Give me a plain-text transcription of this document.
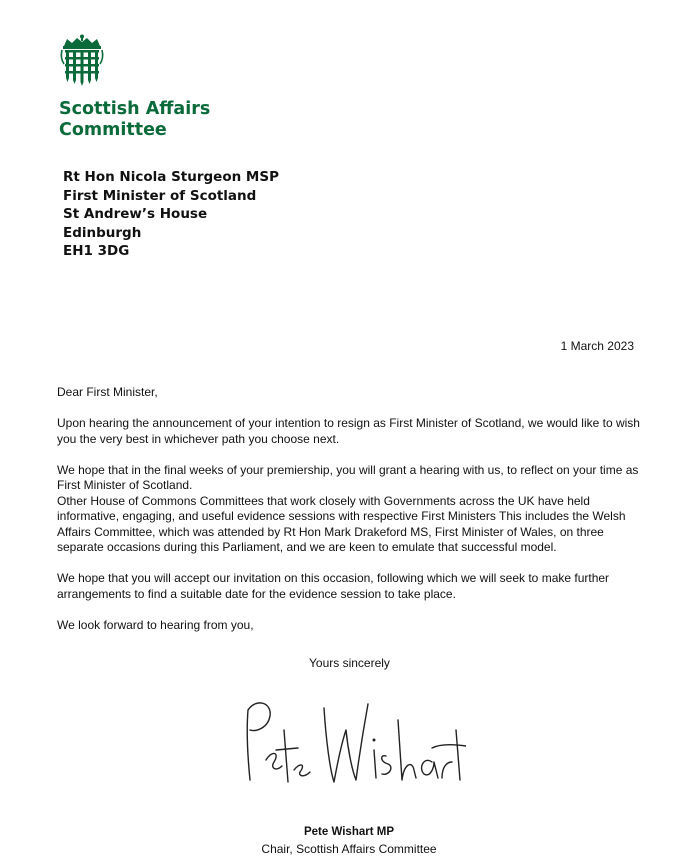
Scottish Affairs
Committee
Rt Hon Nicola Sturgeon MSP
First Minister of Scotland
St Andrew’s House
Edinburgh
EH1 3DG
1 March 2023

Dear First Minister,

Upon hearing the announcement of your intention to resign as First Minister of Scotland, we would like to wish you the very best in whichever path you choose next.

We hope that in the final weeks of your premiership, you will grant a hearing with us, to reflect on your time as First Minister of Scotland.

Other House of Commons Committees that work closely with Governments across the UK have held informative, engaging, and useful evidence sessions with respective First Ministers This includes the Welsh Affairs Committee, which was attended by Rt Hon Mark Drakeford MS, First Minister of Wales, on three separate occasions during this Parliament, and we are keen to emulate that successful model.

We hope that you will accept our invitation on this occasion, following which we will seek to make further arrangements to find a suitable date for the evidence session to take place.

We look forward to hearing from you,

Yours sincerely
Pete Wishart MP
Chair, Scottish Affairs Committee
